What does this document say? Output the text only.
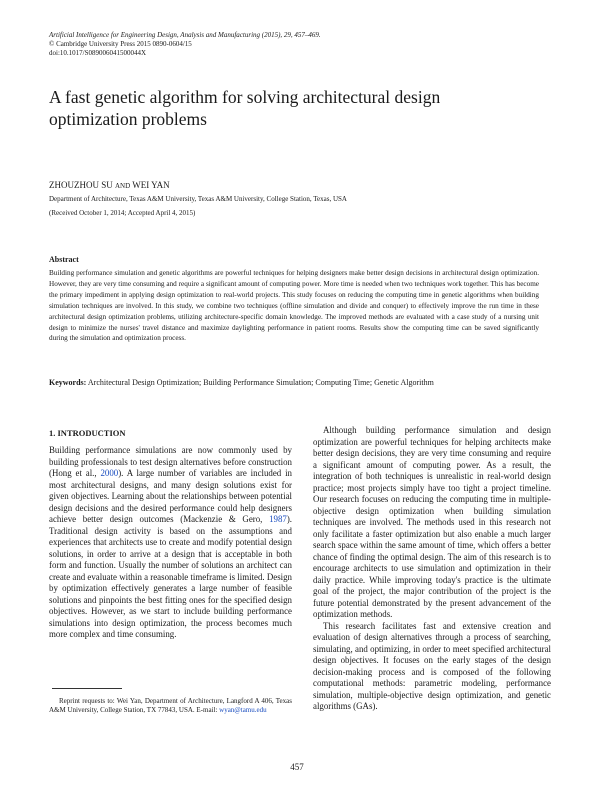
Artificial Intelligence for Engineering Design, Analysis and Manufacturing (2015), 29, 457–469.
© Cambridge University Press 2015 0890-0604/15
doi:10.1017/S089006041500044X
A fast genetic algorithm for solving architectural design optimization problems
ZHOUZHOU SU AND WEI YAN
Department of Architecture, Texas A&M University, Texas A&M University, College Station, Texas, USA
(Received October 1, 2014; Accepted April 4, 2015)
Abstract
Building performance simulation and genetic algorithms are powerful techniques for helping designers make better design decisions in architectural design optimization. However, they are very time consuming and require a significant amount of computing power. More time is needed when two techniques work together. This has become the primary impediment in applying design optimization to real-world projects. This study focuses on reducing the computing time in genetic algorithms when building simulation techniques are involved. In this study, we combine two techniques (offline simulation and divide and conquer) to effectively improve the run time in these architectural design optimization problems, utilizing architecture-specific domain knowledge. The improved methods are evaluated with a case study of a nursing unit design to minimize the nurses' travel distance and maximize daylighting performance in patient rooms. Results show the computing time can be saved significantly during the simulation and optimization process.
Keywords: Architectural Design Optimization; Building Performance Simulation; Computing Time; Genetic Algorithm
1. INTRODUCTION

Building performance simulations are now commonly used by building professionals to test design alternatives before construction (Hong et al., 2000). A large number of variables are included in most architectural designs, and many design solutions exist for given objectives. Learning about the relationships between potential design decisions and the desired performance could help designers achieve better design outcomes (Mackenzie & Gero, 1987). Traditional design activity is based on the assumptions and experiences that architects use to create and modify potential design solutions, in order to arrive at a design that is acceptable in both form and function. Usually the number of solutions an architect can create and evaluate within a reasonable timeframe is limited. Design by optimization effectively generates a large number of feasible solutions and pinpoints the best fitting ones for the specified design objectives. However, as we start to include building performance simulations into design optimization, the process becomes much more complex and time consuming.

Although building performance simulation and design optimization are powerful techniques for helping architects make better design decisions, they are very time consuming and require a significant amount of computing power. As a result, the integration of both techniques is unrealistic in real-world design practice; most projects simply have too tight a project timeline. Our research focuses on reducing the computing time in multiple-objective design optimization when building simulation techniques are involved. The methods used in this research not only facilitate a faster optimization but also enable a much larger search space within the same amount of time, which offers a better chance of finding the optimal design. The aim of this research is to encourage architects to use simulation and optimization in their daily practice. While improving today's practice is the ultimate goal of the project, the major contribution of the project is the future potential demonstrated by the present advancement of the optimization methods.

This research facilitates fast and extensive creation and evaluation of design alternatives through a process of searching, simulating, and optimizing, in order to meet specified architectural design objectives. It focuses on the early stages of the design decision-making process and is composed of the following computational methods: parametric modeling, performance simulation, multiple-objective design optimization, and genetic algorithms (GAs).

Reprint requests to: Wei Yan, Department of Architecture, Langford A 406, Texas A&M University, College Station, TX 77843, USA. E-mail: wyan@tamu.edu
457
